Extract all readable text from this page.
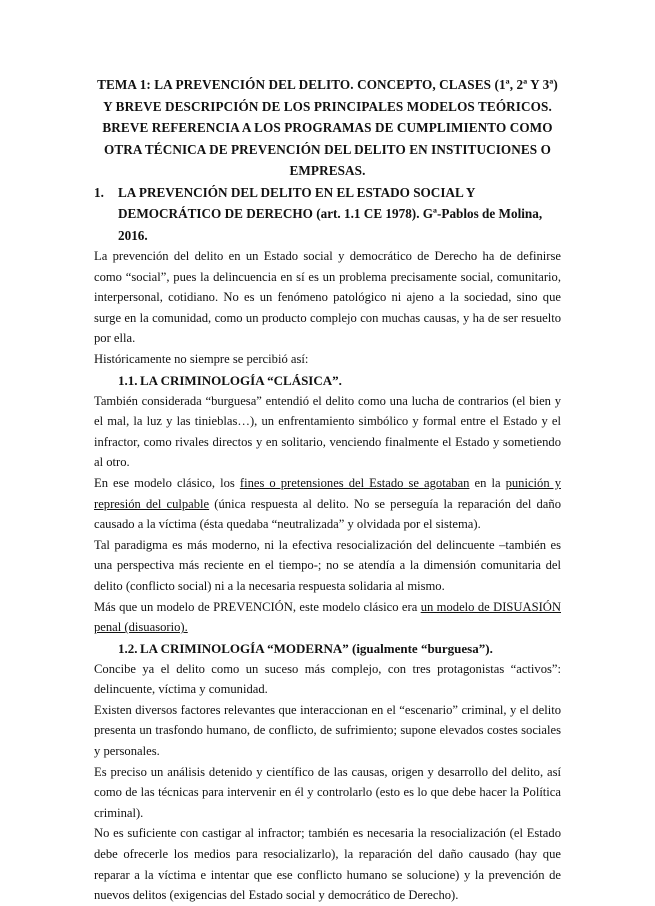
TEMA 1: LA PREVENCIÓN DEL DELITO. CONCEPTO, CLASES (1ª, 2ª Y 3ª) Y BREVE DESCRIPCIÓN DE LOS PRINCIPALES MODELOS TEÓRICOS. BREVE REFERENCIA A LOS PROGRAMAS DE CUMPLIMIENTO COMO OTRA TÉCNICA DE PREVENCIÓN DEL DELITO EN INSTITUCIONES O EMPRESAS.
1. LA PREVENCIÓN DEL DELITO EN EL ESTADO SOCIAL Y DEMOCRÁTICO DE DERECHO (art. 1.1 CE 1978). Gª-Pablos de Molina, 2016.

La prevención del delito en un Estado social y democrático de Derecho ha de definirse como “social”, pues la delincuencia en sí es un problema precisamente social, comunitario, interpersonal, cotidiano. No es un fenómeno patológico ni ajeno a la sociedad, sino que surge en la comunidad, como un producto complejo con muchas causas, y ha de ser resuelto por ella.

Históricamente no siempre se percibió así:

1.1. LA CRIMINOLOGÍA “CLÁSICA”.

También considerada “burguesa” entendió el delito como una lucha de contrarios (el bien y el mal, la luz y las tinieblas…), un enfrentamiento simbólico y formal entre el Estado y el infractor, como rivales directos y en solitario, venciendo finalmente el Estado y sometiendo al otro.

En ese modelo clásico, los fines o pretensiones del Estado se agotaban en la punición y represión del culpable (única respuesta al delito. No se perseguía la reparación del daño causado a la víctima (ésta quedaba “neutralizada” y olvidada por el sistema).

Tal paradigma es más moderno, ni la efectiva resocialización del delincuente –también es una perspectiva más reciente en el tiempo-; no se atendía a la dimensión comunitaria del delito (conflicto social) ni a la necesaria respuesta solidaria al mismo.

Más que un modelo de PREVENCIÓN, este modelo clásico era un modelo de DISUASIÓN penal (disuasorio).

1.2. LA CRIMINOLOGÍA “MODERNA” (igualmente “burguesa”).

Concibe ya el delito como un suceso más complejo, con tres protagonistas “activos”: delincuente, víctima y comunidad.

Existen diversos factores relevantes que interaccionan en el “escenario” criminal, y el delito presenta un trasfondo humano, de conflicto, de sufrimiento; supone elevados costes sociales y personales.

Es preciso un análisis detenido y científico de las causas, origen y desarrollo del delito, así como de las técnicas para intervenir en él y controlarlo (esto es lo que debe hacer la Política criminal).

No es suficiente con castigar al infractor; también es necesaria la resocialización (el Estado debe ofrecerle los medios para resocializarlo), la reparación del daño causado (hay que reparar a la víctima e intentar que ese conflicto humano se solucione) y la prevención de nuevos delitos (exigencias del Estado social y democrático de Derecho).
